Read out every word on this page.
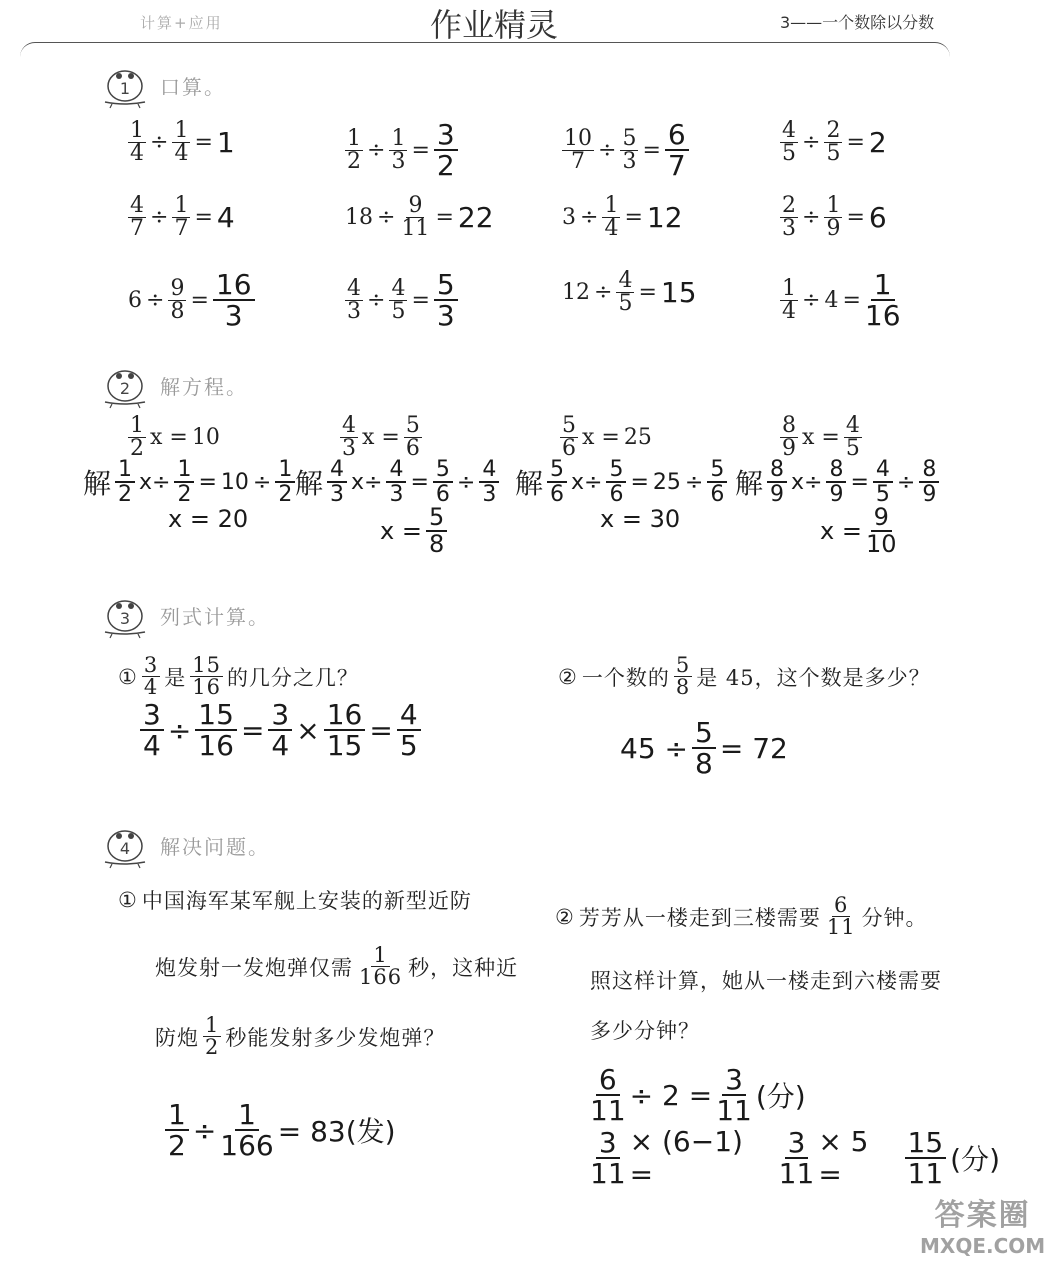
计算+应用	作业精灵	3——一个数除以分数
答案圈
MXQE.COM
1 口算。
2 解方程。
3 列式计算。
4 解决问题。
$\frac{1}{4} \div \frac{1}{4} = 1$	$\frac{1}{2} \div \frac{1}{3} = \frac{3}{2}$	$\frac{10}{7} \div \frac{5}{3} = \frac{6}{7}$	$\frac{4}{5} \div \frac{2}{5} = 2$
$\frac{4}{7} \div \frac{1}{7} = 4$	$18 \div \frac{9}{11} = 22$	$3 \div \frac{1}{4} = 12$	$\frac{2}{3} \div \frac{1}{9} = 6$
$6 \div \frac{9}{8} = \frac{16}{3}$	$\frac{4}{3} \div \frac{4}{5} = \frac{5}{3}$	$12 \div \frac{4}{5} = 15$	$\frac{1}{4} \div 4 = \frac{1}{16}$
$\frac{1}{2}$ x = 10
解 1
2 $x\div \frac{1}{2} = 10 \div \frac{1}{2}$
x = 20
$\frac{4}{3}$ $x = \frac{5}{6}$
解 4
3 $x\div \frac{4}{3} = \frac{5}{6} \div \frac{4}{3}$
$x = \frac{5}{8}$
$\frac{5}{6}$ x = 25
解 5
6 $x\div \frac{5}{6} = 25 \div \frac{5}{6}$
x = 30
$\frac{8}{9}$ $x = \frac{4}{5}$
解 8
9 $x\div \frac{8}{9} = \frac{4}{5} \div \frac{8}{9}$
$x = \frac{9}{10}$
① $\frac{3}{4}$ 是 $\frac{15}{16}$ 的几分之几？
$\frac{3}{4} \div \frac{15}{16} = \frac{3}{4} \times \frac{16}{15} = \frac{4}{5}$
② 一个数的 $\frac{5}{8}$ 是 45，这个数是多少？
$45 \div \frac{5}{8} = 72$
① 中国海军某军舰上安装的新型近防
炮发射一发炮弹仅需 $\frac{1}{166}$ 秒，这种近
防炮 $\frac{1}{2}$ 秒能发射多少发炮弹？
$\frac{1}{2} \div \frac{1}{166} = 83$(发)
② 芳芳从一楼走到三楼需要 $\frac{6}{11}$ 分钟。
照这样计算，她从一楼走到六楼需要
多少分钟？
$\frac{6}{11} \div 2 = \frac{3}{11}$ (分)
$\frac{3}{11} \times (6-1)$ =	$\frac{3}{11} \times 5$ =	$\frac{15}{11}$ (分)
